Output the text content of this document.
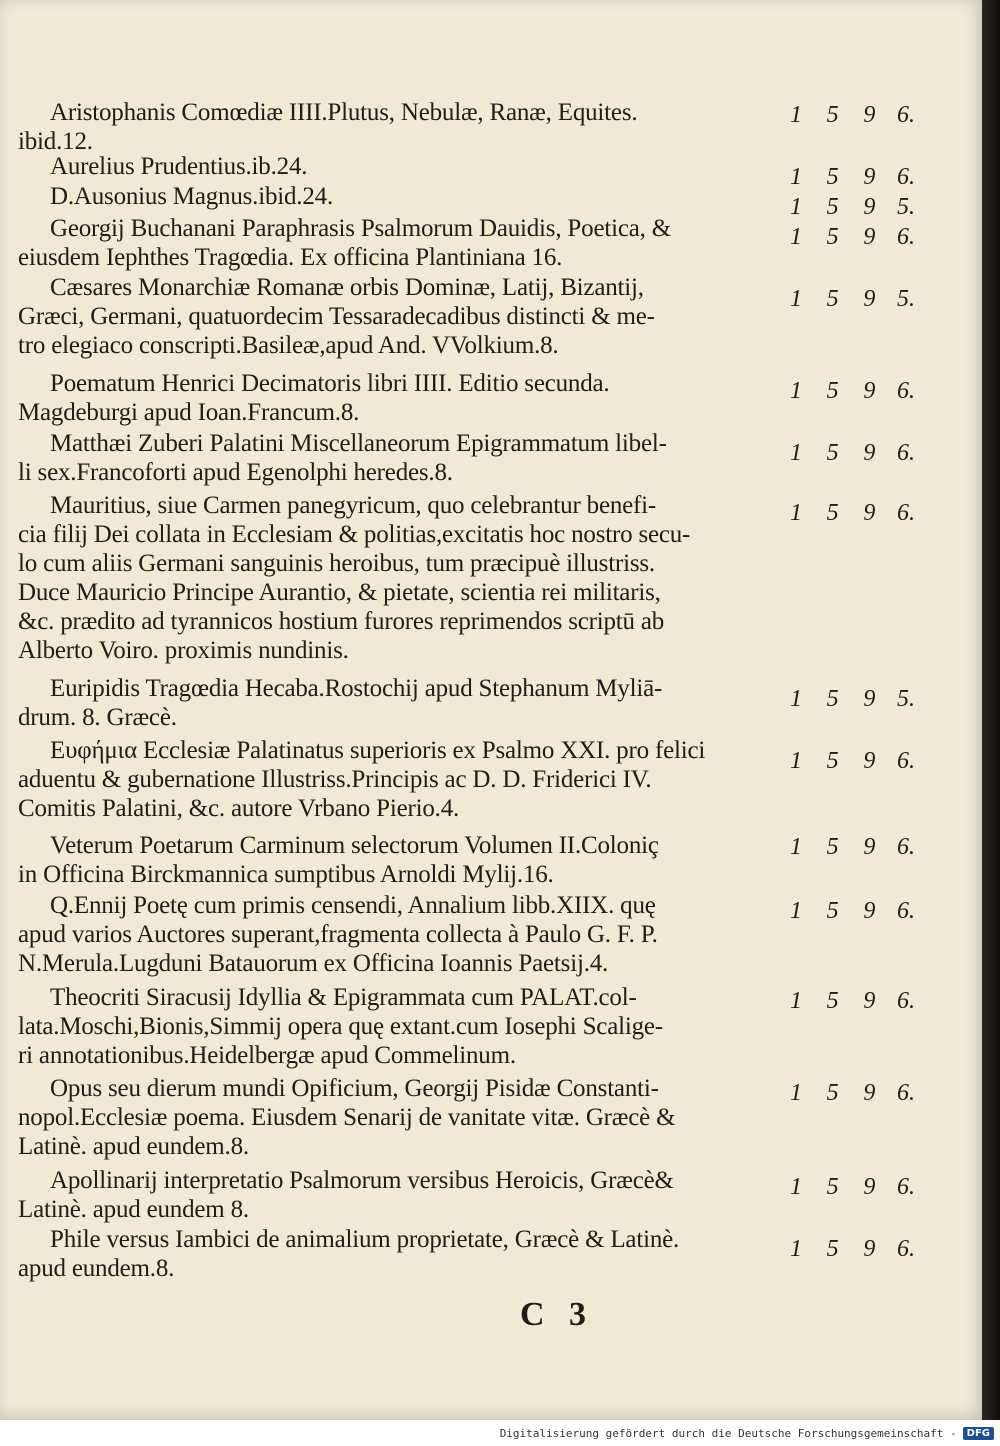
Aristophanis Comœdiæ IIII.Plutus, Nebulæ, Ranæ, Equites.
ibid.12.
1 5 9 6.
Aurelius Prudentius.ib.24.	1 5 9 6.
D.Ausonius Magnus.ibid.24.	1 5 9 5.
Georgij Buchanani Paraphrasis Psalmorum Dauidis, Poetica, &
eiusdem Iephthes Tragœdia. Ex officina Plantiniana 16.
1 5 9 6.
Cæsares Monarchiæ Romanæ orbis Dominæ, Latij, Bizantij,
Græci, Germani, quatuordecim Tessaradecadibus distincti & me-
tro elegiaco conscripti.Basileæ,apud And. VVolkium.8.
1 5 9 5.
Poematum Henrici Decimatoris libri IIII. Editio secunda.
Magdeburgi apud Ioan.Francum.8.
1 5 9 6.
Matthæi Zuberi Palatini Miscellaneorum Epigrammatum libel-
li sex.Francoforti apud Egenolphi heredes.8.
1 5 9 6.
Mauritius, siue Carmen panegyricum, quo celebrantur benefi-
cia filij Dei collata in Ecclesiam & politias,excitatis hoc nostro secu-
lo cum aliis Germani sanguinis heroibus, tum præcipuè illustriss.
Duce Mauricio Principe Aurantio, & pietate, scientia rei militaris,
&c. prædito ad tyrannicos hostium furores reprimendos scriptū ab
Alberto Voiro. proximis nundinis.
1 5 9 6.
Euripidis Tragœdia Hecaba.Rostochij apud Stephanum Myliā-
drum. 8. Græcè.
1 5 9 5.
Ευφήμια Ecclesiæ Palatinatus superioris ex Psalmo XXI. pro felici
aduentu & gubernatione Illustriss.Principis ac D. D. Friderici IV.
Comitis Palatini, &c. autore Vrbano Pierio.4.
1 5 9 6.
Veterum Poetarum Carminum selectorum Volumen II.Coloniç
in Officina Birckmannica sumptibus Arnoldi Mylij.16.
1 5 9 6.
Q.Ennij Poetę cum primis censendi, Annalium libb.XIIX. quę
apud varios Auctores superant,fragmenta collecta à Paulo G. F. P.
N.Merula.Lugduni Batauorum ex Officina Ioannis Paetsij.4.
1 5 9 6.
Theocriti Siracusij Idyllia & Epigrammata cum PALAT.col-
lata.Moschi,Bionis,Simmij opera quę extant.cum Iosephi Scalige-
ri annotationibus.Heidelbergæ apud Commelinum.
1 5 9 6.
Opus seu dierum mundi Opificium, Georgij Pisidæ Constanti-
nopol.Ecclesiæ poema. Eiusdem Senarij de vanitate vitæ. Græcè &
Latinè. apud eundem.8.
1 5 9 6.
Apollinarij interpretatio Psalmorum versibus Heroicis, Græcè&
Latinè. apud eundem 8.
1 5 9 6.
Phile versus Iambici de animalium proprietate, Græcè & Latinè.
apud eundem.8.
1 5 9 6.
C 3
Digitalisierung gefördert durch die Deutsche Forschungsgemeinschaft -	DFG
